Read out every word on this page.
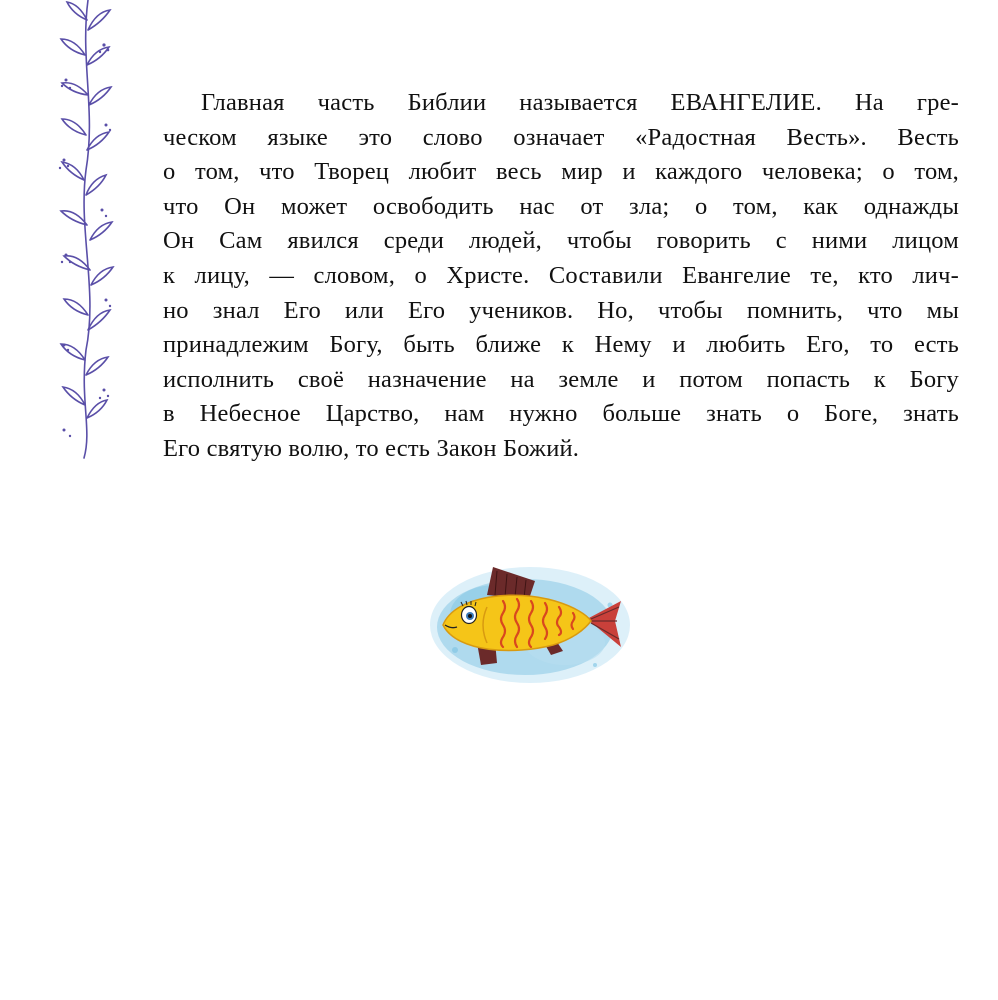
Главная часть Библии называется ЕВАНГЕЛИЕ. На гре-
ческом языке это слово означает «Радостная Весть». Весть
о том, что Творец любит весь мир и каждого человека; о том,
что Он может освободить нас от зла; о том, как однажды
Он Сам явился среди людей, чтобы говорить с ними лицом
к лицу, — словом, о Христе. Составили Евангелие те, кто лич-
но знал Его или Его учеников. Но, чтобы помнить, что мы
принадлежим Богу, быть ближе к Нему и любить Его, то есть
исполнить своё назначение на земле и потом попасть к Богу
в Небесное Царство, нам нужно больше знать о Боге, знать
Его святую волю, то есть Закон Божий.
